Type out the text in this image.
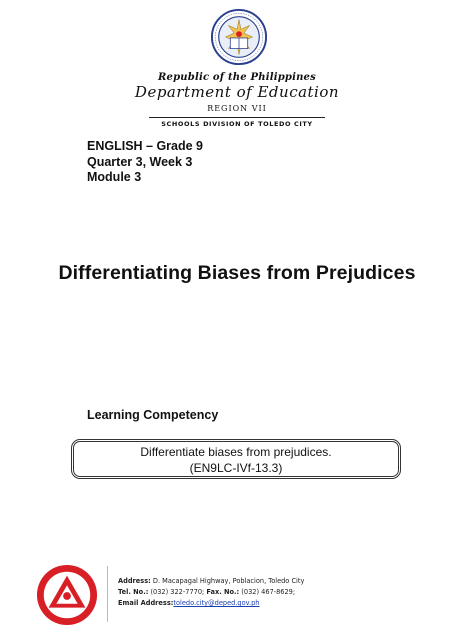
Republic of the Philippines
Department of Education
REGION VII
SCHOOLS DIVISION OF TOLEDO CITY
ENGLISH – Grade 9
Quarter 3, Week 3
Module 3
Differentiating Biases from Prejudices
Learning Competency
Differentiate biases from prejudices.
(EN9LC-IVf-13.3)
Address: D. Macapagal Highway, Poblacion, Toledo City
Tel. No.: (032) 322-7770; Fax. No.: (032) 467-8629;
Email Address:toledo.city@deped.gov.ph
